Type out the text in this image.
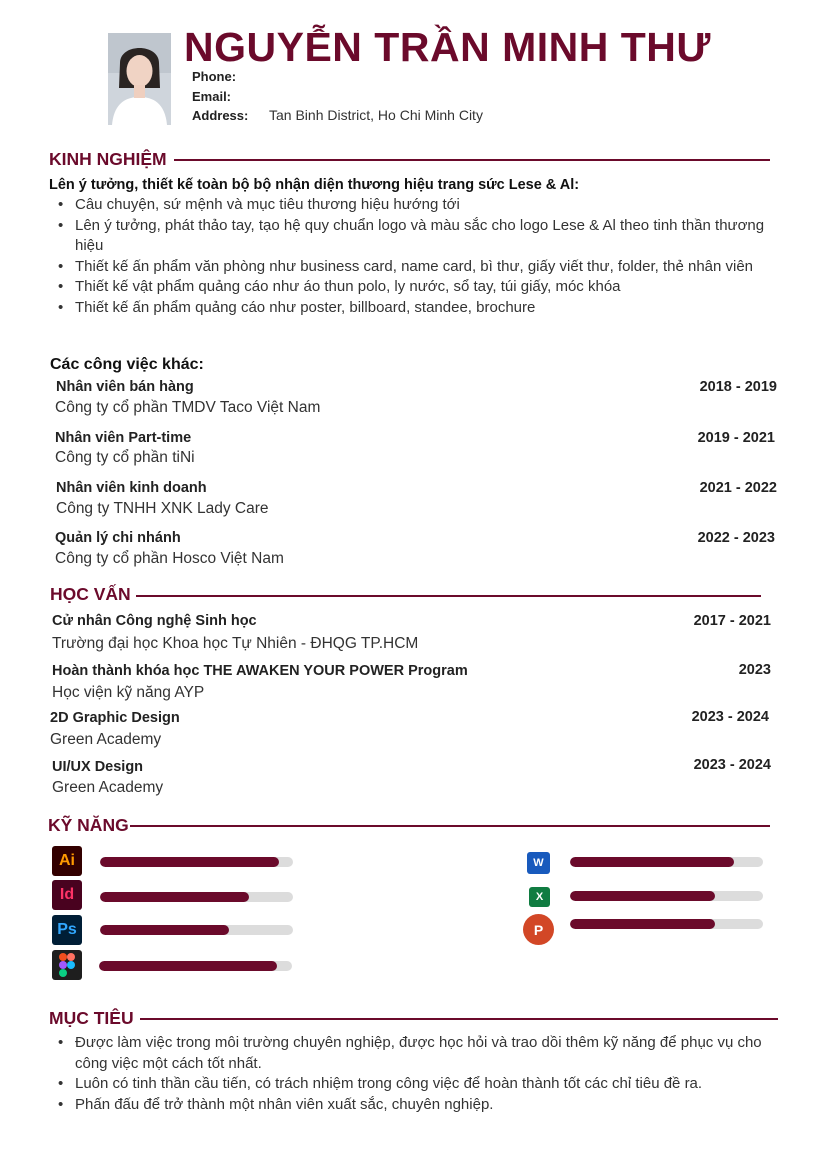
NGUYỄN TRẦN MINH THƯ
Phone:
Email:
Address: Tan Binh District, Ho Chi Minh City
KINH NGHIỆM
Lên ý tưởng, thiết kế toàn bộ bộ nhận diện thương hiệu trang sức Lese & Al:
• Câu chuyện, sứ mệnh và mục tiêu thương hiệu hướng tới
• Lên ý tưởng, phát thảo tay, tạo hệ quy chuẩn logo và màu sắc cho logo Lese & Al theo tinh thần thương hiệu
• Thiết kế ấn phẩm văn phòng như business card, name card, bì thư, giấy viết thư, folder, thẻ nhân viên
• Thiết kế vật phẩm quảng cáo như áo thun polo, ly nước, sổ tay, túi giấy, móc khóa
• Thiết kế ấn phẩm quảng cáo như poster, billboard, standee, brochure
Các công việc khác:
Nhân viên bán hàng
Công ty cổ phần TMDV Taco Việt Nam
2018 - 2019
Nhân viên Part-time
Công ty cổ phần tiNi
2019 - 2021
Nhân viên kinh doanh
Công ty TNHH XNK Lady Care
2021 - 2022
Quản lý chi nhánh
Công ty cổ phần Hosco Việt Nam
2022 - 2023
HỌC VẤN
Cử nhân Công nghệ Sinh học
Trường đại học Khoa học Tự Nhiên - ĐHQG TP.HCM
2017 - 2021
Hoàn thành khóa học THE AWAKEN YOUR POWER Program
Học viện kỹ năng AYP
2023
2D Graphic Design
Green Academy
2023 - 2024
UI/UX Design
Green Academy
2023 - 2024
KỸ NĂNG
Ai
Id
Ps
W
X
P
MỤC TIÊU
• Được làm việc trong môi trường chuyên nghiệp, được học hỏi và trao dồi thêm kỹ năng để phục vụ cho công việc một cách tốt nhất.
• Luôn có tinh thần cầu tiến, có trách nhiệm trong công việc để hoàn thành tốt các chỉ tiêu đề ra.
• Phấn đấu để trở thành một nhân viên xuất sắc, chuyên nghiệp.
